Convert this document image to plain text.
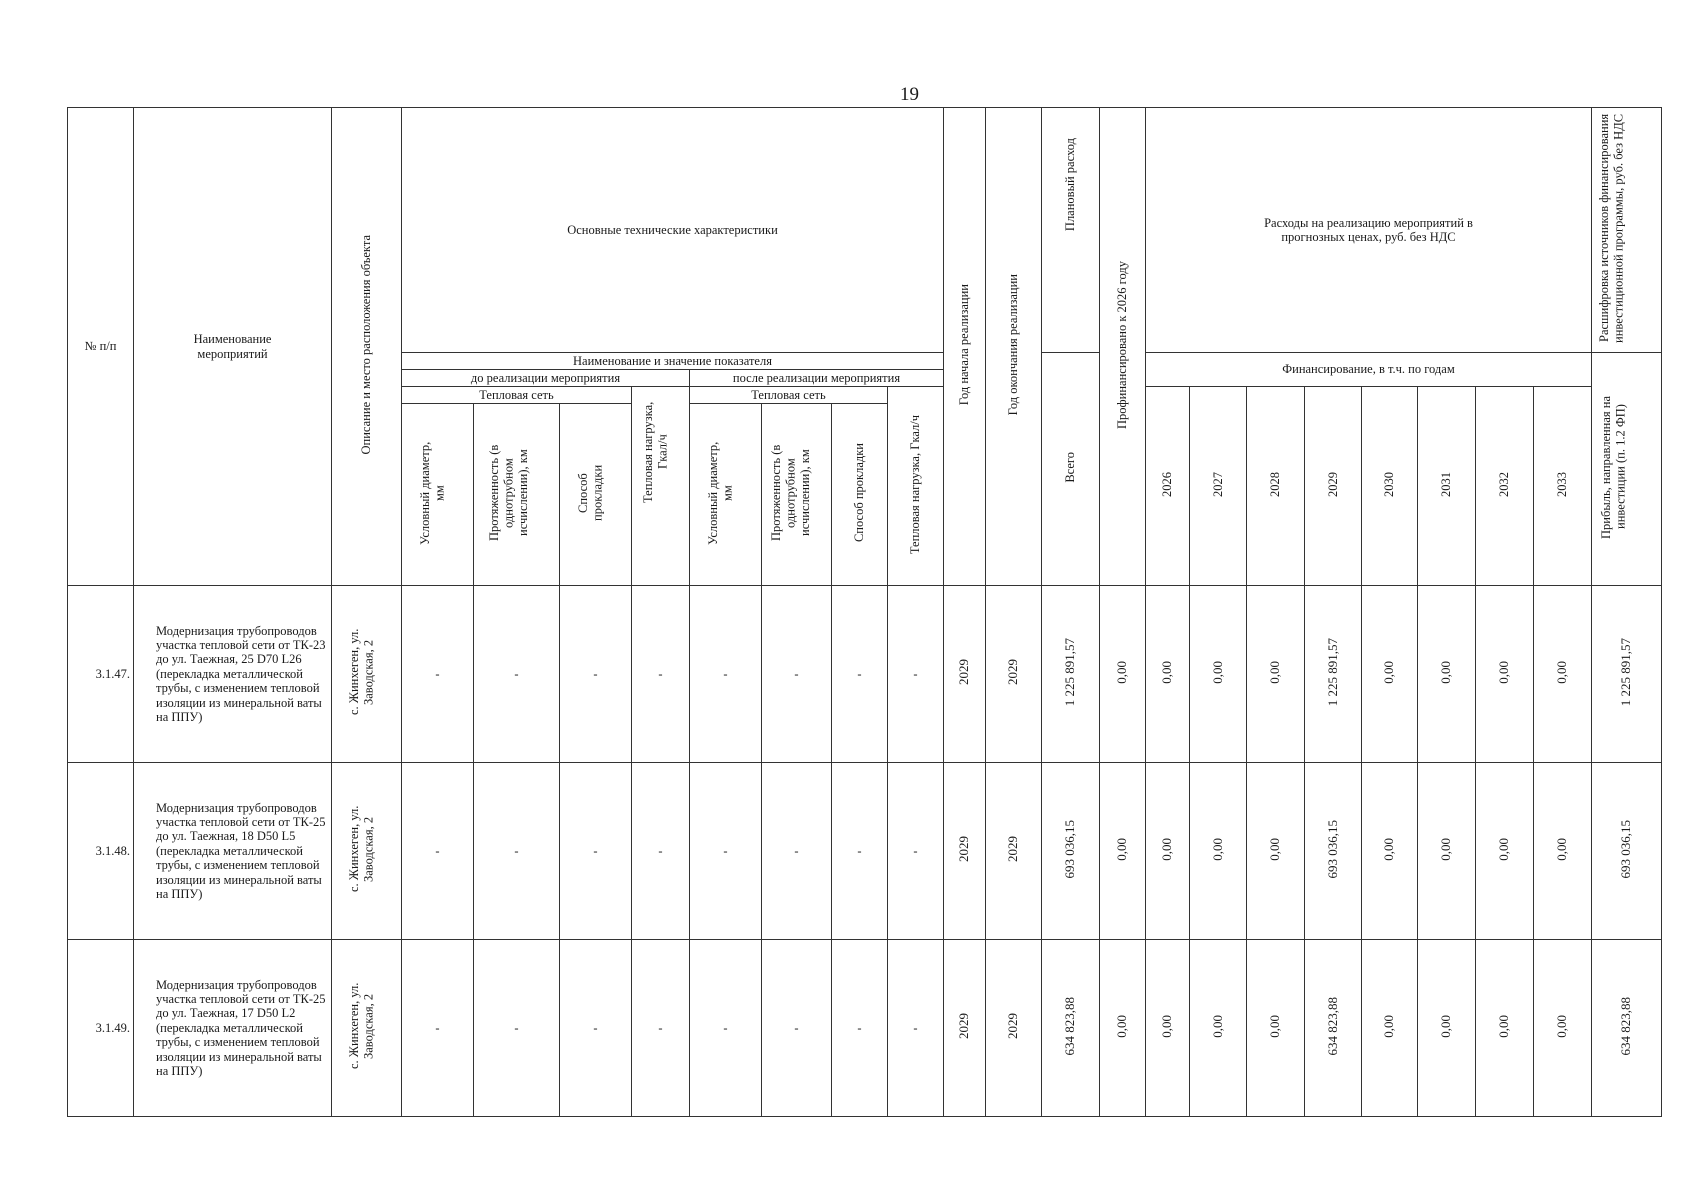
19
№ п/п	Наименование мероприятий	Описание и место расположения объекта	Основные технические характеристики								Год начала реализации	Год окончания реализации	Плановый расход	Профинансировано к 2026 году	Расходы на реализацию мероприятий в прогнозных ценах, руб. без НДС								Расшифровка источников финансирования инвестиционной программы, руб. без НДС
			Наименование и значение показателя										Всего		Финансирование, в т.ч. по годам								Прибыль, направленная на инвестиции (п. 1.2 ФП)
			до реализации мероприятия				после реализации мероприятия																
			Тепловая сеть			Тепловая нагрузка, Гкал/ч	Тепловая сеть			Тепловая нагрузка, Гкал/ч					2026	2027	2028	2029	2030	2031	2032	2033	
			Условный диаметр, мм	Протяженность (в однотрубном исчислении), км	Способ прокладки		Условный диаметр, мм	Протяженность (в однотрубном исчислении), км	Способ прокладки														
3.1.47.	Модернизация трубопроводов участка тепловой сети от ТК-23 до ул. Таежная, 25 D70 L26 (перекладка металлической трубы, с изменением тепловой изоляции из минеральной ваты на ППУ)	с. Жинхеген, ул. Заводская, 2	-	-	-	-	-	-	-	-	2029	2029	1 225 891,57	0,00	0,00	0,00	0,00	1 225 891,57	0,00	0,00	0,00	0,00	1 225 891,57
3.1.48.	Модернизация трубопроводов участка тепловой сети от ТК-25 до ул. Таежная, 18 D50 L5 (перекладка металлической трубы, с изменением тепловой изоляции из минеральной ваты на ППУ)	с. Жинхеген, ул. Заводская, 2	-	-	-	-	-	-	-	-	2029	2029	693 036,15	0,00	0,00	0,00	0,00	693 036,15	0,00	0,00	0,00	0,00	693 036,15
3.1.49.	Модернизация трубопроводов участка тепловой сети от ТК-25 до ул. Таежная, 17 D50 L2 (перекладка металлической трубы, с изменением тепловой изоляции из минеральной ваты на ППУ)	с. Жинхеген, ул. Заводская, 2	-	-	-	-	-	-	-	-	2029	2029	634 823,88	0,00	0,00	0,00	0,00	634 823,88	0,00	0,00	0,00	0,00	634 823,88
